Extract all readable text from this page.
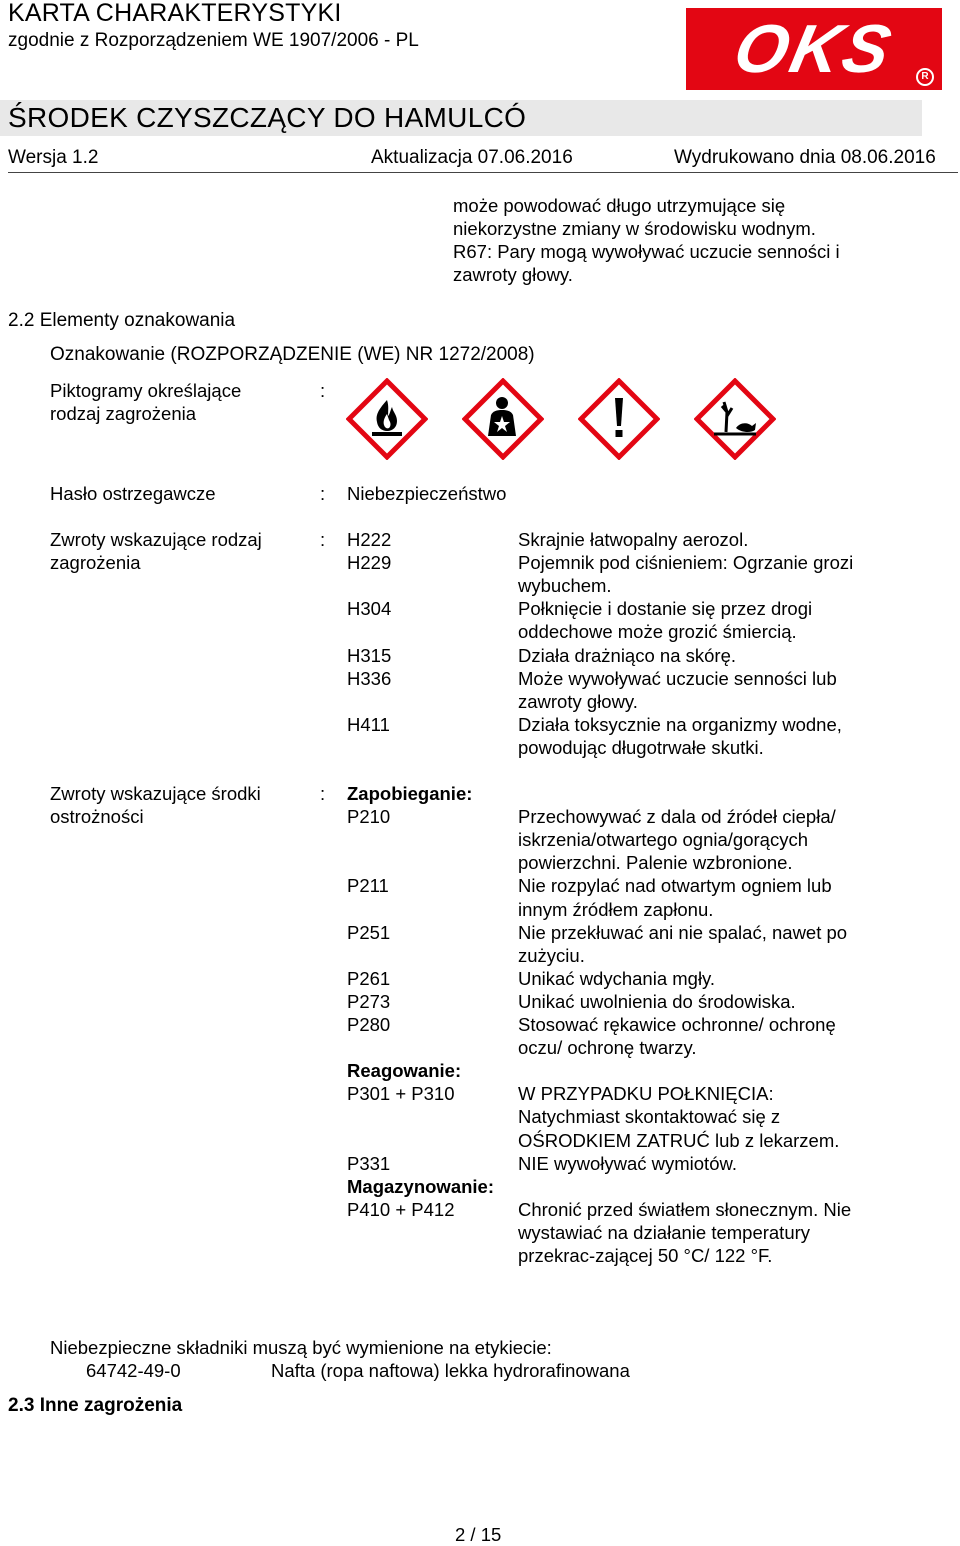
KARTA CHARAKTERYSTYKI
zgodnie z Rozporządzeniem WE 1907/2006 - PL	OKS	R
ŚRODEK CZYSZCZĄCY DO HAMULCÓ
Wersja 1.2	Aktualizacja 07.06.2016	Wydrukowano dnia 08.06.2016
może powodować długo utrzymujące się
niekorzystne zmiany w środowisku wodnym.
R67: Pary mogą wywoływać uczucie senności i
zawroty głowy.
2.2 Elementy oznakowania
Oznakowanie (ROZPORZĄDZENIE (WE) NR 1272/2008)
Piktogramy określające
rodzaj zagrożenia
:
Hasło ostrzegawcze	: Niebezpieczeństwo
Zwroty wskazujące rodzaj
zagrożenia
: H222	Skrajnie łatwopalny aerozol.
H229	Pojemnik pod ciśnieniem: Ogrzanie grozi
wybuchem.
H304	Połknięcie i dostanie się przez drogi
oddechowe może grozić śmiercią.
H315	Działa drażniąco na skórę.
H336	Może wywoływać uczucie senności lub
zawroty głowy.
H411	Działa toksycznie na organizmy wodne,
powodując długotrwałe skutki.
Zwroty wskazujące środki
ostrożności
: Zapobieganie:
P210	Przechowywać z dala od źródeł ciepła/
iskrzenia/otwartego ognia/gorących
powierzchni. Palenie wzbronione.
P211	Nie rozpylać nad otwartym ogniem lub
innym źródłem zapłonu.
P251	Nie przekłuwać ani nie spalać, nawet po
zużyciu.
P261	Unikać wdychania mgły.
P273	Unikać uwolnienia do środowiska.
P280	Stosować rękawice ochronne/ ochronę
oczu/ ochronę twarzy.
Reagowanie:
P301 + P310	W PRZYPADKU POŁKNIĘCIA:
Natychmiast skontaktować się z
OŚRODKIEM ZATRUĆ lub z lekarzem.
P331	NIE wywoływać wymiotów.
Magazynowanie:
P410 + P412	Chronić przed światłem słonecznym. Nie
wystawiać na działanie temperatury
przekrac-zającej 50 °C/ 122 °F.
Niebezpieczne składniki muszą być wymienione na etykiecie:
64742-49-0	Nafta (ropa naftowa) lekka hydrorafinowana
2.3 Inne zagrożenia
2 / 15
